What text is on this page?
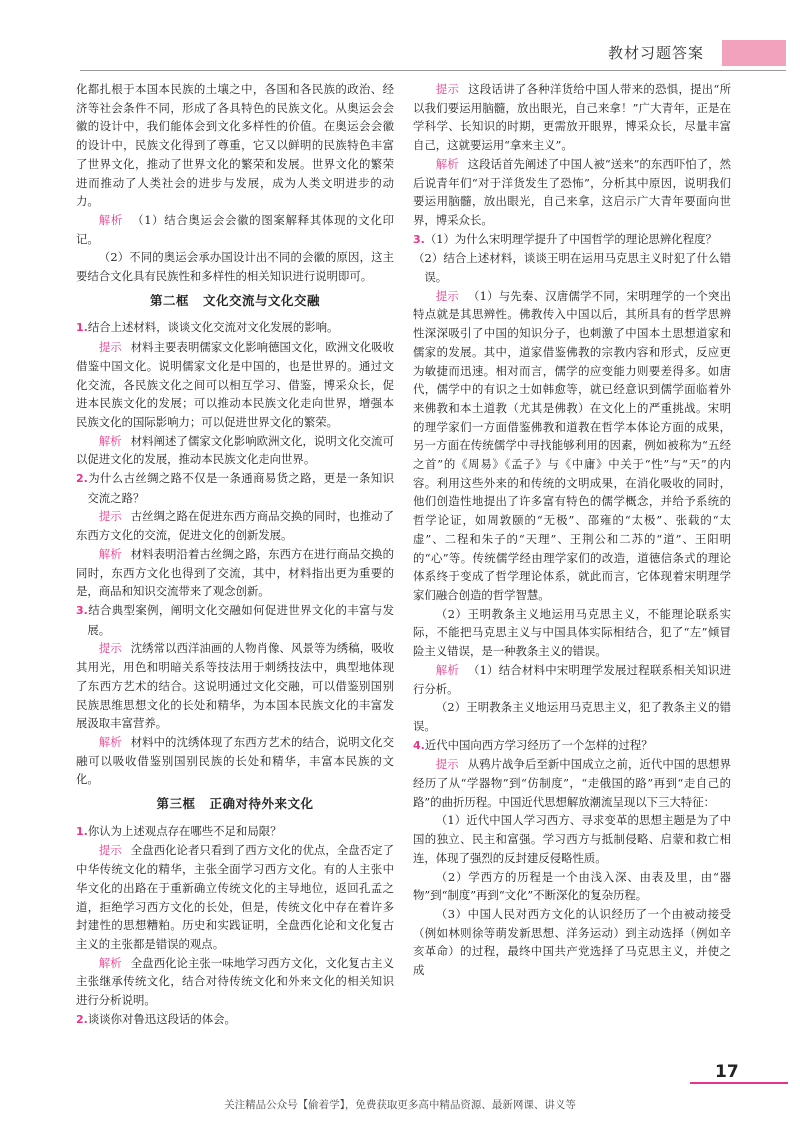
教材习题答案

化都扎根于本国本民族的土壤之中，各国和各民族的政治、经济等社会条件不同，形成了各具特色的民族文化。从奥运会会徽的设计中，我们能体会到文化多样性的价值。在奥运会会徽的设计中，民族文化得到了尊重，它又以鲜明的民族特色丰富了世界文化，推动了世界文化的繁荣和发展。世界文化的繁荣进而推动了人类社会的进步与发展，成为人类文明进步的动力。

解析 （1）结合奥运会会徽的图案解释其体现的文化印记。

（2）不同的奥运会承办国设计出不同的会徽的原因，这主要结合文化具有民族性和多样性的相关知识进行说明即可。

第二框 文化交流与文化交融

1.结合上述材料，谈谈文化交流对文化发展的影响。

提示 材料主要表明儒家文化影响德国文化，欧洲文化吸收借鉴中国文化。说明儒家文化是中国的，也是世界的。通过文化交流，各民族文化之间可以相互学习、借鉴，博采众长，促进本民族文化的发展；可以推动本民族文化走向世界，增强本民族文化的国际影响力；可以促进世界文化的繁荣。

解析 材料阐述了儒家文化影响欧洲文化，说明文化交流可以促进文化的发展，推动本民族文化走向世界。

2.为什么古丝绸之路不仅是一条通商易货之路，更是一条知识交流之路？

提示 古丝绸之路在促进东西方商品交换的同时，也推动了东西方文化的交流，促进文化的创新发展。

解析 材料表明沿着古丝绸之路，东西方在进行商品交换的同时，东西方文化也得到了交流，其中，材料指出更为重要的是，商品和知识交流带来了观念创新。

3.结合典型案例，阐明文化交融如何促进世界文化的丰富与发展。

提示 沈绣常以西洋油画的人物肖像、风景等为绣稿，吸收其用光，用色和明暗关系等技法用于刺绣技法中，典型地体现了东西方艺术的结合。这说明通过文化交融，可以借鉴别国别民族思维思想文化的长处和精华，为本国本民族文化的丰富发展汲取丰富营养。

解析 材料中的沈绣体现了东西方艺术的结合，说明文化交融可以吸收借鉴别国别民族的长处和精华，丰富本民族的文化。

第三框 正确对待外来文化

1.你认为上述观点存在哪些不足和局限？

提示 全盘西化论者只看到了西方文化的优点，全盘否定了中华传统文化的精华，主张全面学习西方文化。有的人主张中华文化的出路在于重新确立传统文化的主导地位，返回孔孟之道，拒绝学习西方文化的长处，但是，传统文化中存在着许多封建性的思想糟粕。历史和实践证明，全盘西化论和文化复古主义的主张都是错误的观点。

解析 全盘西化论主张一味地学习西方文化，文化复古主义主张继承传统文化，结合对待传统文化和外来文化的相关知识进行分析说明。

2.谈谈你对鲁迅这段话的体会。

提示 这段话讲了各种洋货给中国人带来的恐惧，提出“所以我们要运用脑髓，放出眼光，自己来拿！”广大青年，正是在学科学、长知识的时期，更需放开眼界，博采众长，尽量丰富自己，这就要运用“拿来主义”。

解析 这段话首先阐述了中国人被“送来”的东西吓怕了，然后说青年们“对于洋货发生了恐怖”，分析其中原因，说明我们要运用脑髓，放出眼光，自己来拿，这启示广大青年要面向世界，博采众长。

3.（1）为什么宋明理学提升了中国哲学的理论思辨化程度？

（2）结合上述材料，谈谈王明在运用马克思主义时犯了什么错误。

提示 （1）与先秦、汉唐儒学不同，宋明理学的一个突出特点就是其思辨性。佛教传入中国以后，其所具有的哲学思辨性深深吸引了中国的知识分子，也刺激了中国本土思想道家和儒家的发展。其中，道家借鉴佛教的宗教内容和形式，反应更为敏捷而迅速。相对而言，儒学的应变能力则要差得多。如唐代，儒学中的有识之士如韩愈等，就已经意识到儒学面临着外来佛教和本土道教（尤其是佛教）在文化上的严重挑战。宋明的理学家们一方面借鉴佛教和道教在哲学本体论方面的成果，另一方面在传统儒学中寻找能够利用的因素，例如被称为“五经之首”的《周易》《孟子》与《中庸》中关于“性”与“天”的内容。利用这些外来的和传统的文明成果，在消化吸收的同时，他们创造性地提出了许多富有特色的儒学概念，并给予系统的哲学论证，如周敦颐的“无极”、邵雍的“太极”、张载的“太虚”、二程和朱子的“天理”、王荆公和二苏的“道”、王阳明的“心”等。传统儒学经由理学家们的改造，道德信条式的理论体系终于变成了哲学理论体系，就此而言，它体现着宋明理学家们融合创造的哲学智慧。

（2）王明教条主义地运用马克思主义，不能理论联系实际，不能把马克思主义与中国具体实际相结合，犯了“左”倾冒险主义错误，是一种教条主义的错误。

解析 （1）结合材料中宋明理学发展过程联系相关知识进行分析。

（2）王明教条主义地运用马克思主义，犯了教条主义的错误。

4.近代中国向西方学习经历了一个怎样的过程？

提示 从鸦片战争后至新中国成立之前，近代中国的思想界经历了从“学器物”到“仿制度”，“走俄国的路”再到“走自己的路”的曲折历程。中国近代思想解放潮流呈现以下三大特征：

（1）近代中国人学习西方、寻求变革的思想主题是为了中国的独立、民主和富强。学习西方与抵制侵略、启蒙和救亡相连，体现了强烈的反封建反侵略性质。

（2）学西方的历程是一个由浅入深、由表及里，由“器物”到“制度”再到“文化”不断深化的复杂历程。

（3）中国人民对西方文化的认识经历了一个由被动接受（例如林则徐等萌发新思想、洋务运动）到主动选择（例如辛亥革命）的过程，最终中国共产党选择了马克思主义，并使之成

17
关注精品公众号【偷着学】，免费获取更多高中精品资源、最新网课、讲义等
